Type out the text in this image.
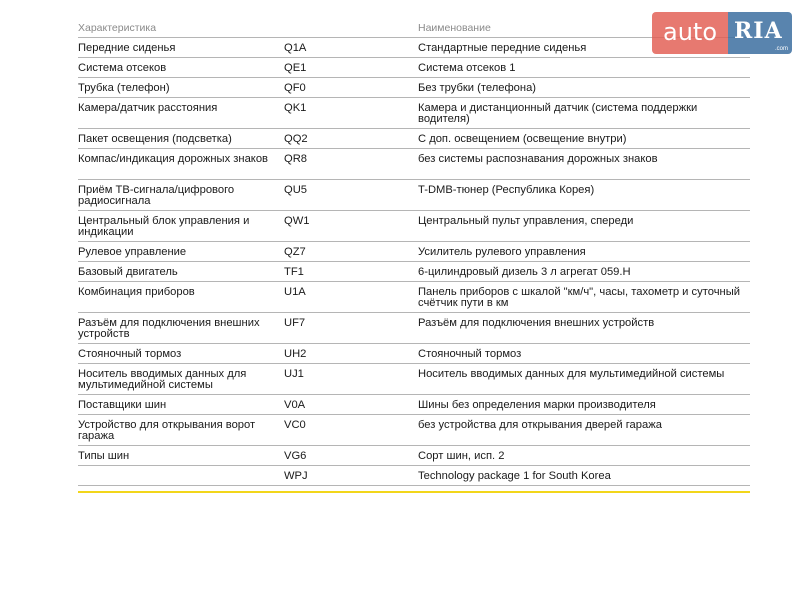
Характеристика		Наименование
Передние сиденья	Q1A	Стандартные передние сиденья
Система отсеков	QE1	Система отсеков 1
Трубка (телефон)	QF0	Без трубки (телефона)
Камера/датчик расстояния	QK1	Камера и дистанционный датчик (система поддержки водителя)
Пакет освещения (подсветка)	QQ2	С доп. освещением (освещение внутри)
Компас/индикация дорожных знаков	QR8	без системы распознавания дорожных знаков
Приём ТВ-сигнала/цифрового радиосигнала	QU5	T-DMB-тюнер (Республика Корея)
Центральный блок управления и индикации	QW1	Центральный пульт управления, спереди
Рулевое управление	QZ7	Усилитель рулевого управления
Базовый двигатель	TF1	6-цилиндровый дизель 3 л агрегат 059.H
Комбинация приборов	U1A	Панель приборов с шкалой "км/ч", часы, тахометр и суточный счётчик пути в км
Разъём для подключения внешних устройств	UF7	Разъём для подключения внешних устройств
Стояночный тормоз	UH2	Стояночный тормоз
Носитель вводимых данных для мультимедийной системы	UJ1	Носитель вводимых данных для мультимедийной системы
Поставщики шин	V0A	Шины без определения марки производителя
Устройство для открывания ворот гаража	VC0	без устройства для открывания дверей гаража
Типы шин	VG6	Сорт шин, исп. 2
	WPJ	Technology package 1 for South Korea
auto RIA
.com
